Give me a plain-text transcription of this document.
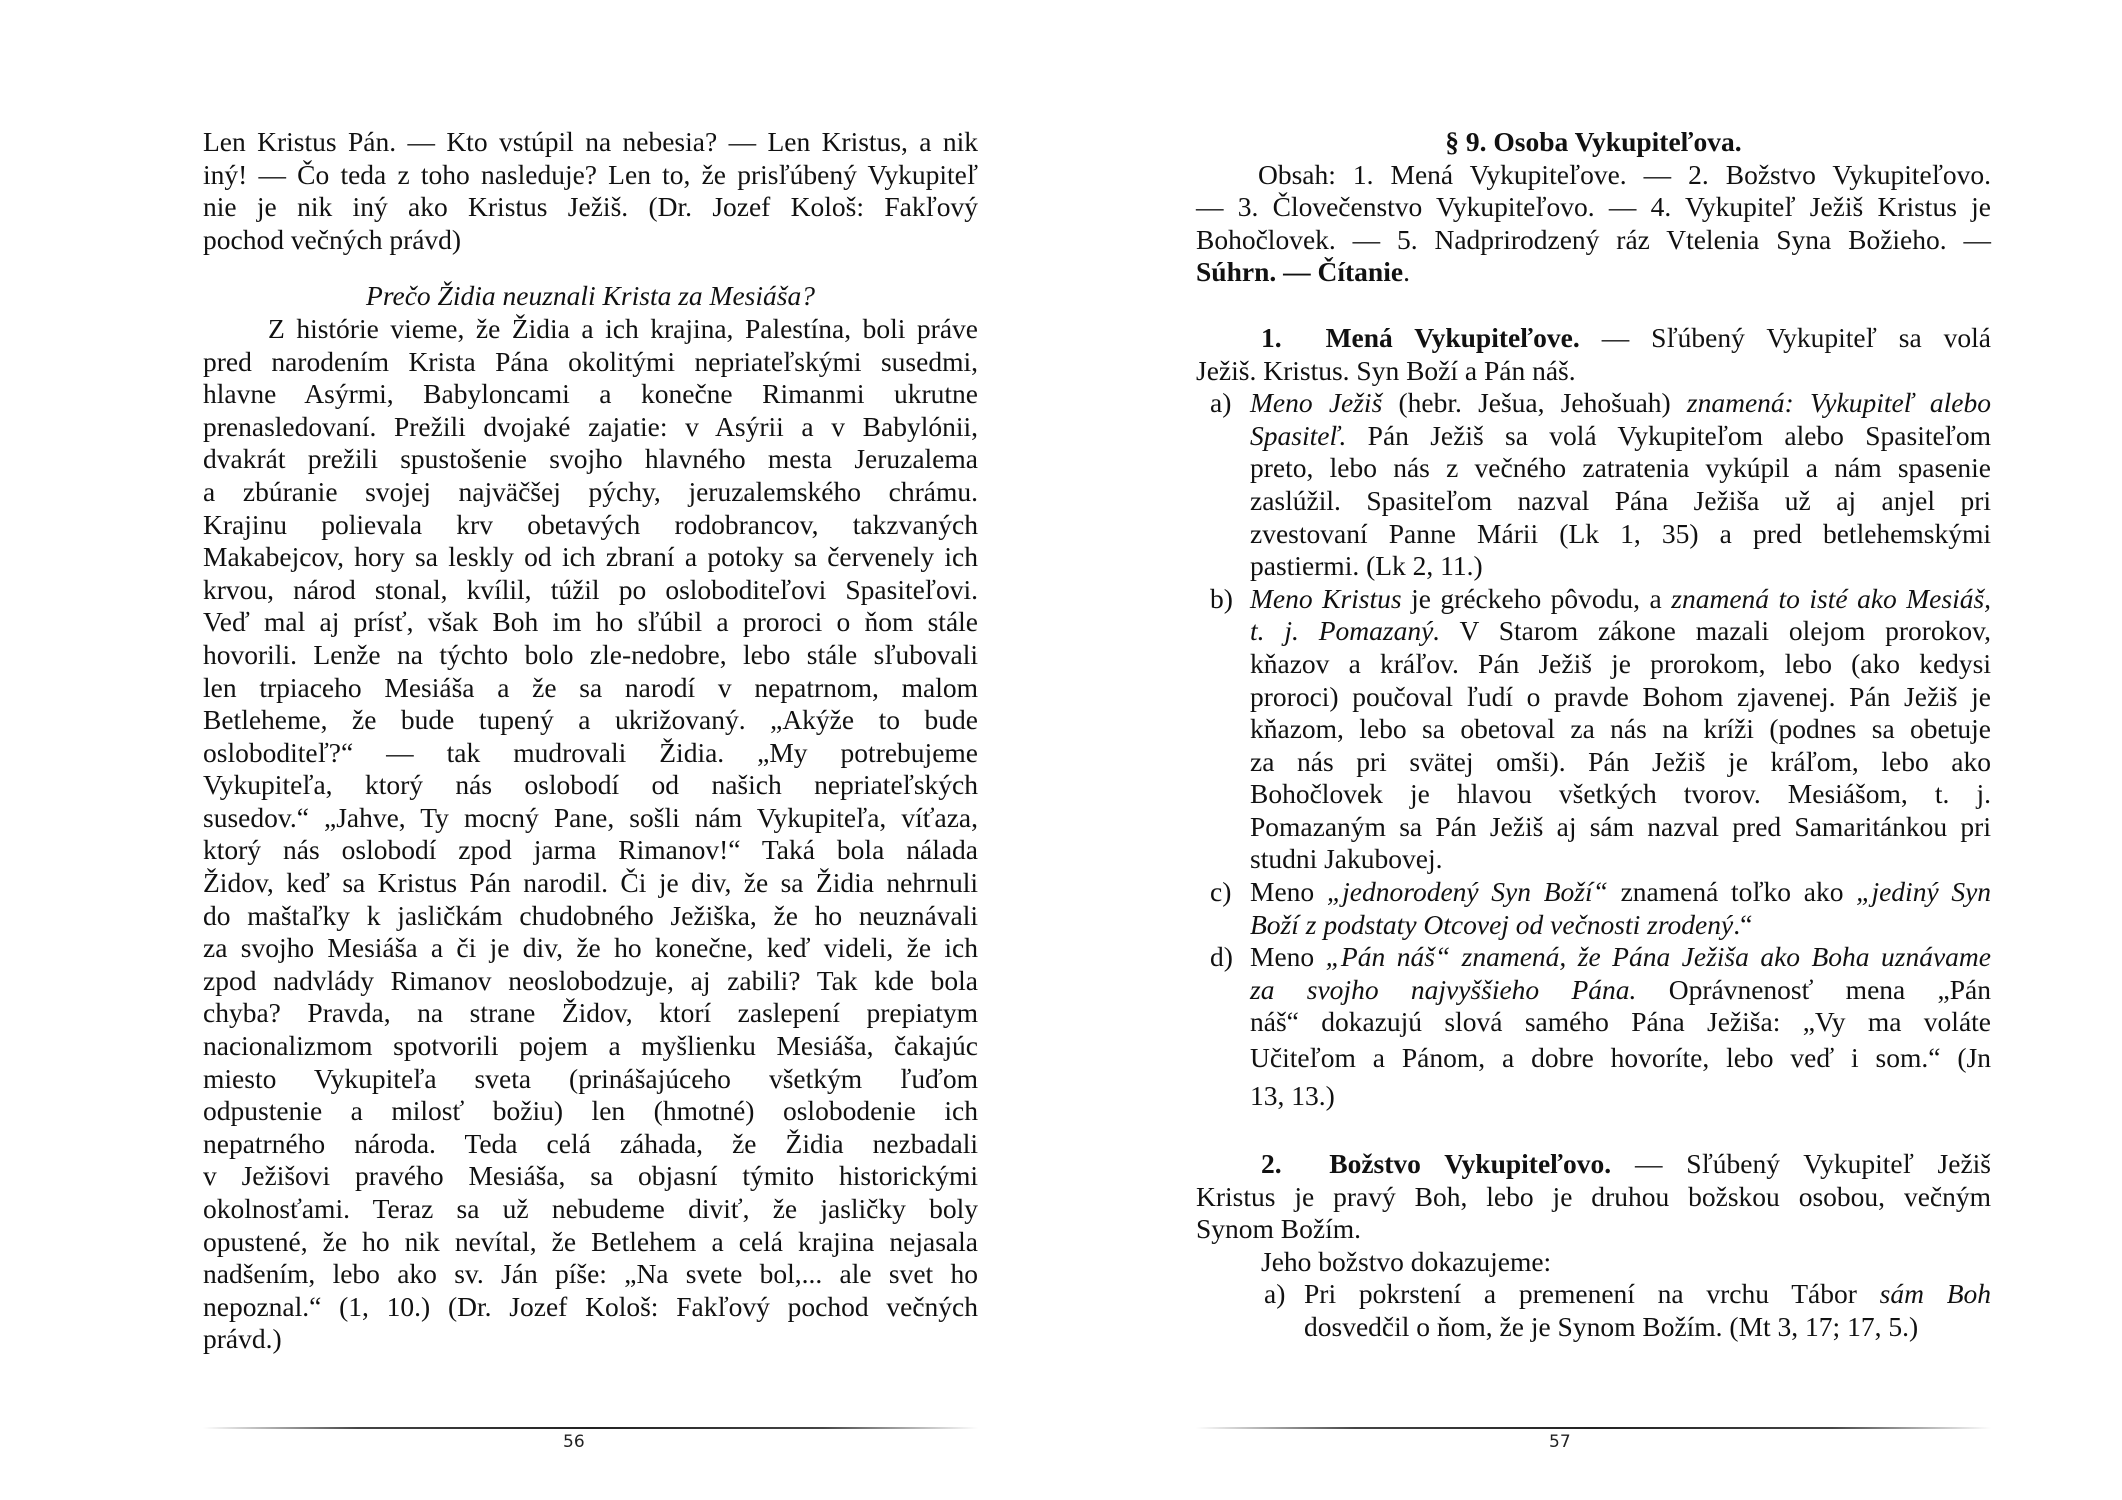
Len Kristus Pán. — Kto vstúpil na nebesia? — Len Kristus, a nik
iný! — Čo teda z toho nasleduje? Len to, že prisľúbený Vykupiteľ
nie je nik iný ako Kristus Ježiš. (Dr. Jozef Kološ: Fakľový
pochod večných právd)
Prečo Židia neuznali Krista za Mesiáša?
Z histórie vieme, že Židia a ich krajina, Palestína, boli práve
pred narodením Krista Pána okolitými nepriateľskými susedmi,
hlavne Asýrmi, Babyloncami a konečne Rimanmi ukrutne
prenasledovaní. Prežili dvojaké zajatie: v Asýrii a v Babylónii,
dvakrát prežili spustošenie svojho hlavného mesta Jeruzalema
a zbúranie svojej najväčšej pýchy, jeruzalemského chrámu.
Krajinu polievala krv obetavých rodobrancov, takzvaných
Makabejcov, hory sa leskly od ich zbraní a potoky sa červenely ich
krvou, národ stonal, kvílil, túžil po osloboditeľovi Spasiteľovi.
Veď mal aj prísť, však Boh im ho sľúbil a proroci o ňom stále
hovorili. Lenže na týchto bolo zle-nedobre, lebo stále sľubovali
len trpiaceho Mesiáša a že sa narodí v nepatrnom, malom
Betleheme, že bude tupený a ukrižovaný. „Akýže to bude
osloboditeľ?“ — tak mudrovali Židia. „My potrebujeme
Vykupiteľa, ktorý nás oslobodí od našich nepriateľských
susedov.“ „Jahve, Ty mocný Pane, sošli nám Vykupiteľa, víťaza,
ktorý nás oslobodí zpod jarma Rimanov!“ Taká bola nálada
Židov, keď sa Kristus Pán narodil. Či je div, že sa Židia nehrnuli
do maštaľky k jasličkám chudobného Ježiška, že ho neuznávali
za svojho Mesiáša a či je div, že ho konečne, keď videli, že ich
zpod nadvlády Rimanov neoslobodzuje, aj zabili? Tak kde bola
chyba? Pravda, na strane Židov, ktorí zaslepení prepiatym
nacionalizmom spotvorili pojem a myšlienku Mesiáša, čakajúc
miesto Vykupiteľa sveta (prinášajúceho všetkým ľuďom
odpustenie a milosť božiu) len (hmotné) oslobodenie ich
nepatrného národa. Teda celá záhada, že Židia nezbadali
v Ježišovi pravého Mesiáša, sa objasní týmito historickými
okolnosťami. Teraz sa už nebudeme diviť, že jasličky boly
opustené, že ho nik nevítal, že Betlehem a celá krajina nejasala
nadšením, lebo ako sv. Ján píše: „Na svete bol,... ale svet ho
nepoznal.“ (1, 10.) (Dr. Jozef Kološ: Fakľový pochod večných
právd.)
56
§ 9. Osoba Vykupiteľova.
Obsah: 1. Mená Vykupiteľove. — 2. Božstvo Vykupiteľovo.
— 3. Človečenstvo Vykupiteľovo. — 4. Vykupiteľ Ježiš Kristus je
Bohočlovek. — 5. Nadprirodzený ráz Vtelenia Syna Božieho. —
Súhrn. — Čítanie.
1. Mená Vykupiteľove. — Sľúbený Vykupiteľ sa volá
Ježiš. Kristus. Syn Boží a Pán náš.
a) Meno Ježiš (hebr. Ješua, Jehošuah) znamená: Vykupiteľ alebo
Spasiteľ. Pán Ježiš sa volá Vykupiteľom alebo Spasiteľom
preto, lebo nás z večného zatratenia vykúpil a nám spasenie
zaslúžil. Spasiteľom nazval Pána Ježiša už aj anjel pri
zvestovaní Panne Márii (Lk 1, 35) a pred betlehemskými
pastiermi. (Lk 2, 11.)
b) Meno Kristus je gréckeho pôvodu, a znamená to isté ako Mesiáš,
t. j. Pomazaný. V Starom zákone mazali olejom prorokov,
kňazov a kráľov. Pán Ježiš je prorokom, lebo (ako kedysi
proroci) poučoval ľudí o pravde Bohom zjavenej. Pán Ježiš je
kňazom, lebo sa obetoval za nás na kríži (podnes sa obetuje
za nás pri svätej omši). Pán Ježiš je kráľom, lebo ako
Bohočlovek je hlavou všetkých tvorov. Mesiášom, t. j.
Pomazaným sa Pán Ježiš aj sám nazval pred Samaritánkou pri
studni Jakubovej.
c) Meno „jednorodený Syn Boží“ znamená toľko ako „jediný Syn
Boží z podstaty Otcovej od večnosti zrodený.“
d) Meno „Pán náš“ znamená, že Pána Ježiša ako Boha uznávame
za svojho najvyššieho Pána. Oprávnenosť mena „Pán
náš“ dokazujú slová samého Pána Ježiša: „Vy ma voláte
Učiteľom a Pánom, a dobre hovoríte, lebo veď i som.“ (Jn
13, 13.)
2. Božstvo Vykupiteľovo. — Sľúbený Vykupiteľ Ježiš
Kristus je pravý Boh, lebo je druhou božskou osobou, večným
Synom Božím.
Jeho božstvo dokazujeme:
a) Pri pokrstení a premenení na vrchu Tábor sám Boh
dosvedčil o ňom, že je Synom Božím. (Mt 3, 17; 17, 5.)
57
